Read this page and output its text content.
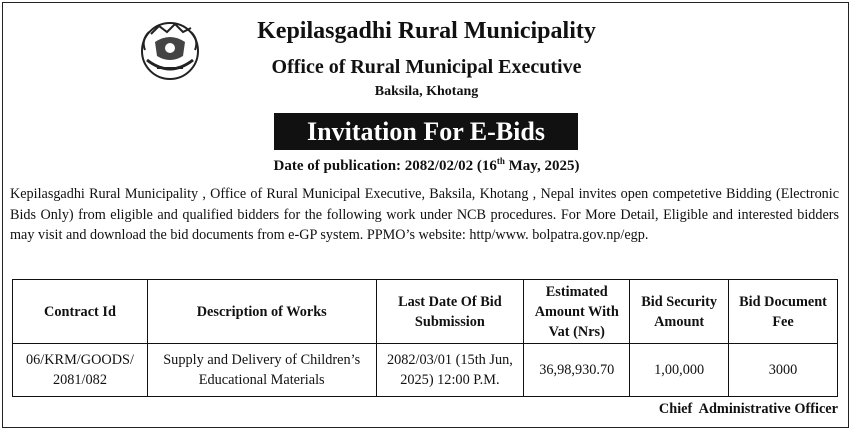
Kepilasgadhi Rural Municipality
Office of Rural Municipal Executive
Baksila, Khotang
Invitation For E-Bids
Date of publication: 2082/02/02 (16th May, 2025)
Kepilasgadhi Rural Municipality , Office of Rural Municipal Executive, Baksila, Khotang , Nepal invites open competetive Bidding (Electronic Bids Only) from eligible and qualified bidders for the following work under NCB procedures. For More Detail, Eligible and interested bidders may visit and download the bid documents from e-GP system. PPMO’s website: http/www. bolpatra.gov.np/egp.
Contract Id	Description of Works	Last Date Of Bid Submission	Estimated Amount With Vat (Nrs)	Bid Security Amount	Bid Document Fee
06/KRM/GOODS/ 2081/082	Supply and Delivery of Children’s Educational Materials	2082/03/01 (15th Jun, 2025) 12:00 P.M.	36,98,930.70	1,00,000	3000
Chief  Administrative Officer
